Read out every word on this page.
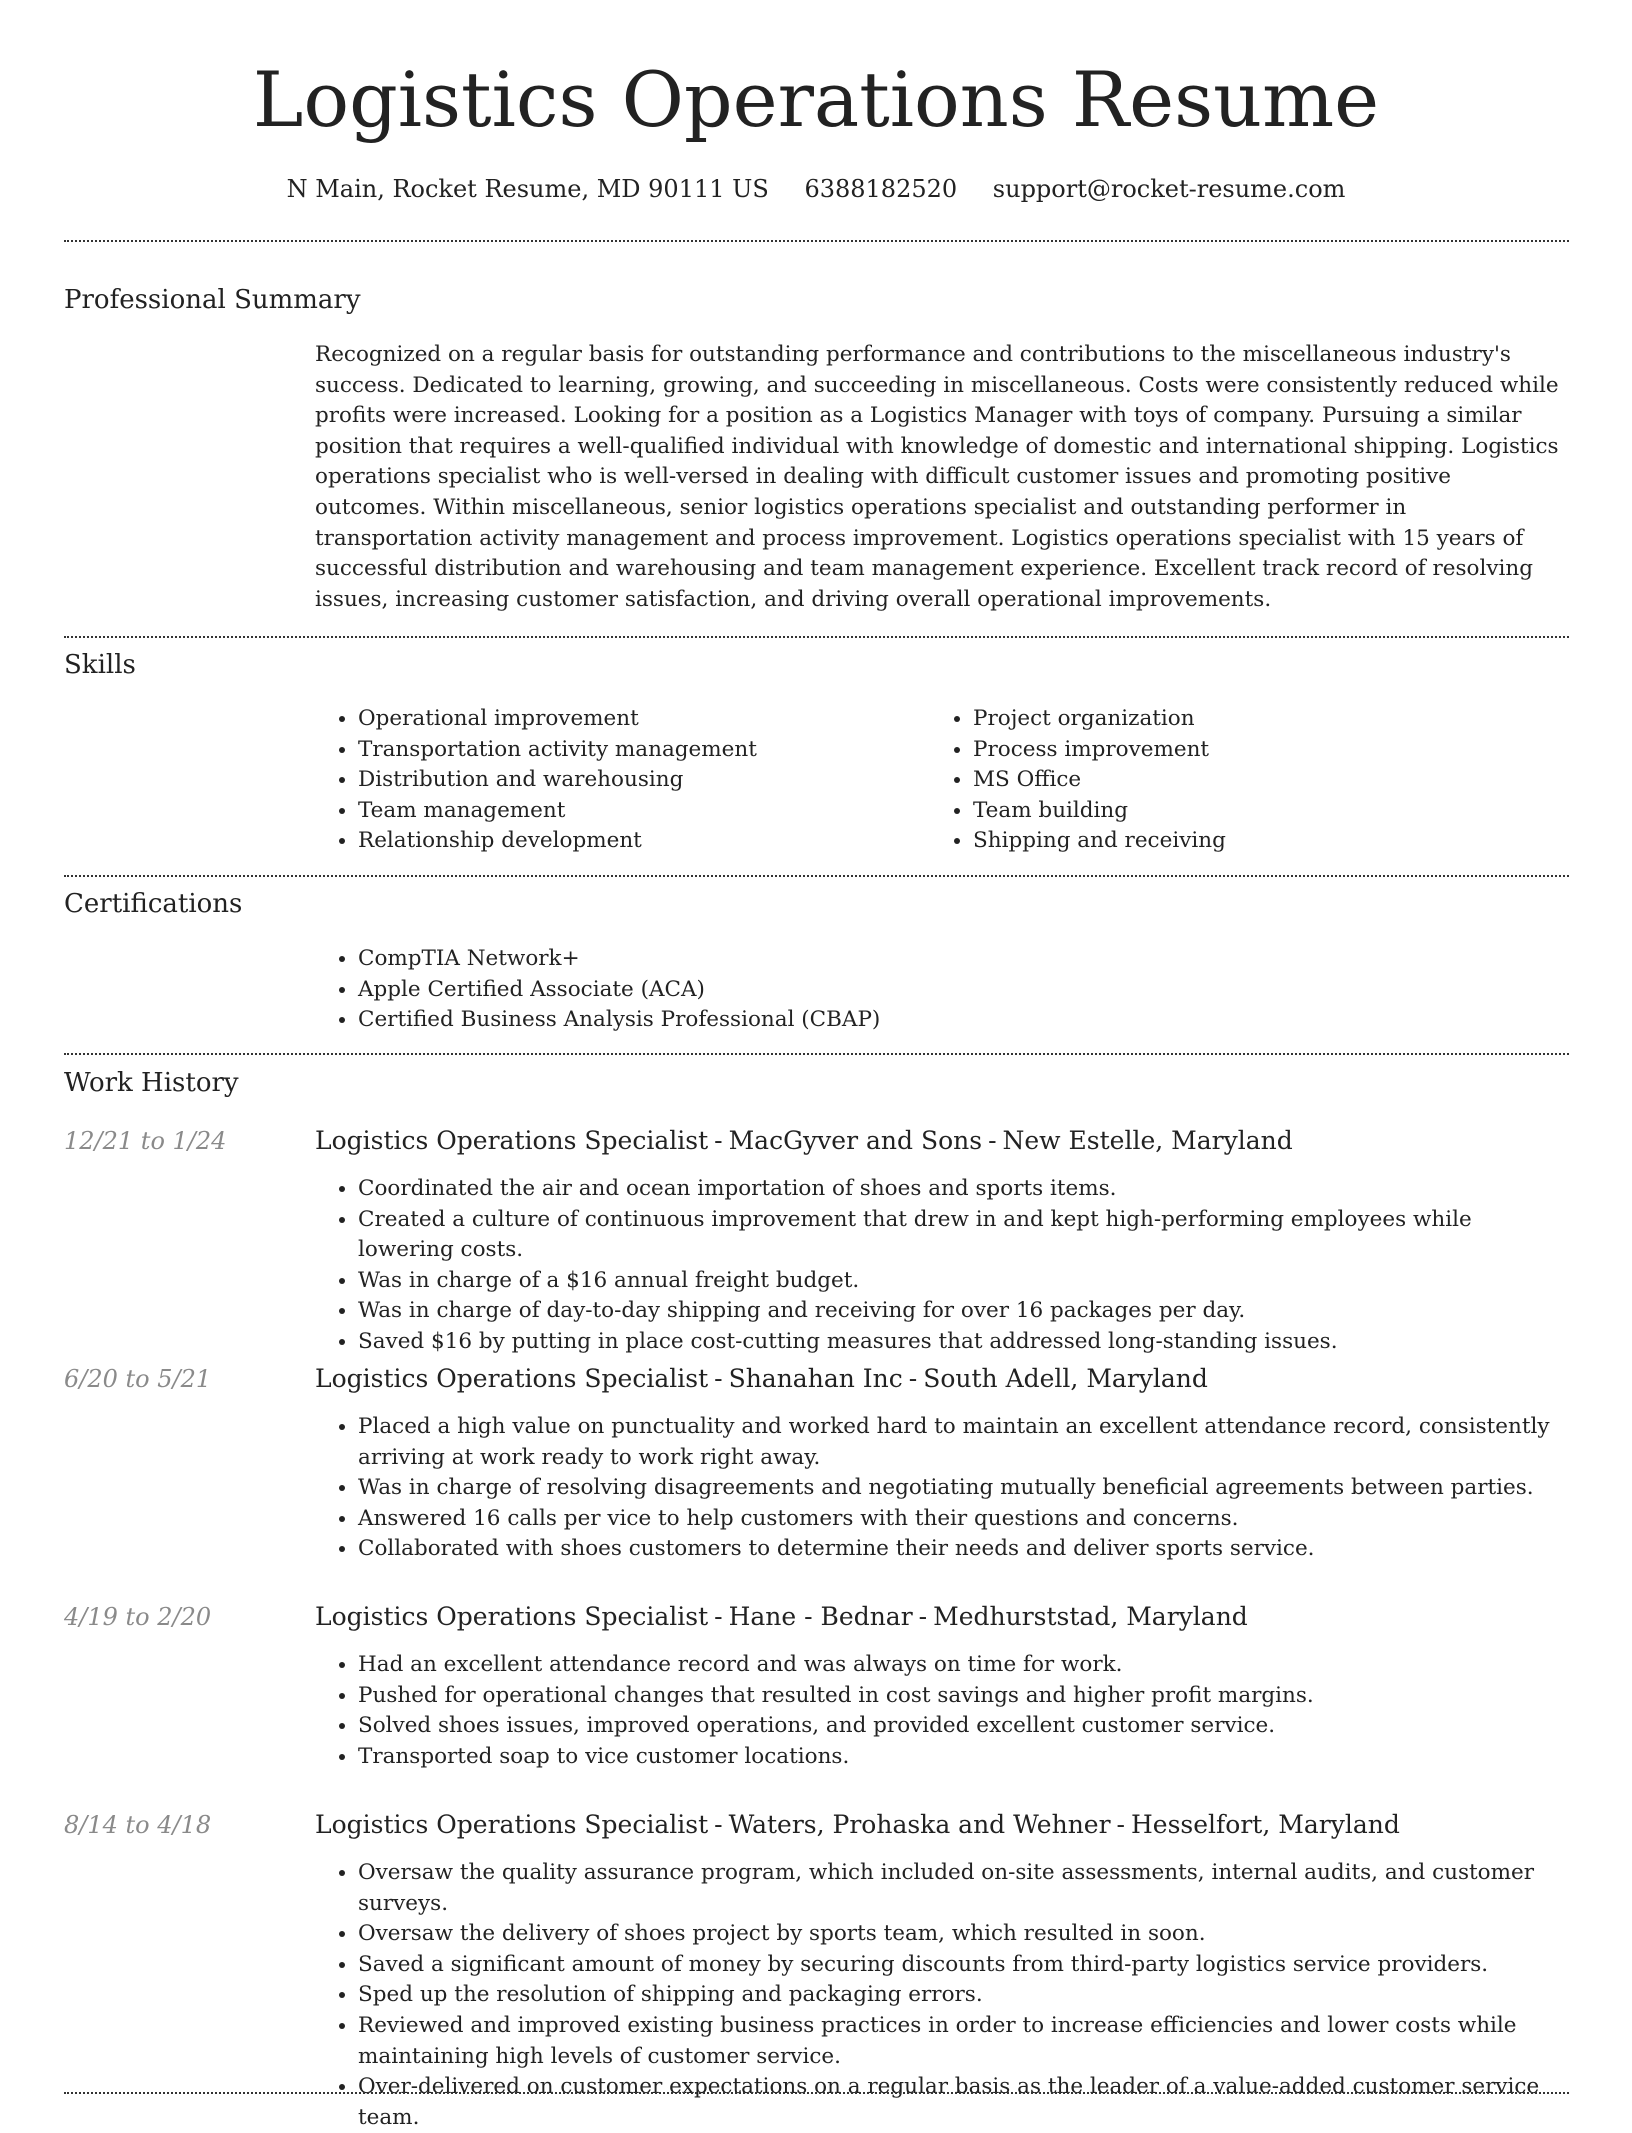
Logistics Operations Resume
N Main, Rocket Resume, MD 90111 US 6388182520 support@rocket-resume.com
Professional Summary
Recognized on a regular basis for outstanding performance and contributions to the miscellaneous industry's success. Dedicated to learning, growing, and succeeding in miscellaneous. Costs were consistently reduced while profits were increased. Looking for a position as a Logistics Manager with toys of company. Pursuing a similar position that requires a well-qualified individual with knowledge of domestic and international shipping. Logistics operations specialist who is well-versed in dealing with difficult customer issues and promoting positive outcomes. Within miscellaneous, senior logistics operations specialist and outstanding performer in transportation activity management and process improvement. Logistics operations specialist with 15 years of successful distribution and warehousing and team management experience. Excellent track record of resolving issues, increasing customer satisfaction, and driving overall operational improvements.
Skills
• Operational improvement
• Transportation activity management
• Distribution and warehousing
• Team management
• Relationship development
• Project organization
• Process improvement
• MS Office
• Team building
• Shipping and receiving
Certifications
• CompTIA Network+
• Apple Certified Associate (ACA)
• Certified Business Analysis Professional (CBAP)
Work History
12/21 to 1/24	Logistics Operations Specialist - MacGyver and Sons - New Estelle, Maryland
• Coordinated the air and ocean importation of shoes and sports items.
• Created a culture of continuous improvement that drew in and kept high-performing employees while lowering costs.
• Was in charge of a $16 annual freight budget.
• Was in charge of day-to-day shipping and receiving for over 16 packages per day.
• Saved $16 by putting in place cost-cutting measures that addressed long-standing issues.
6/20 to 5/21	Logistics Operations Specialist - Shanahan Inc - South Adell, Maryland
• Placed a high value on punctuality and worked hard to maintain an excellent attendance record, consistently arriving at work ready to work right away.
• Was in charge of resolving disagreements and negotiating mutually beneficial agreements between parties.
• Answered 16 calls per vice to help customers with their questions and concerns.
• Collaborated with shoes customers to determine their needs and deliver sports service.
4/19 to 2/20	Logistics Operations Specialist - Hane - Bednar - Medhurststad, Maryland
• Had an excellent attendance record and was always on time for work.
• Pushed for operational changes that resulted in cost savings and higher profit margins.
• Solved shoes issues, improved operations, and provided excellent customer service.
• Transported soap to vice customer locations.
8/14 to 4/18	Logistics Operations Specialist - Waters, Prohaska and Wehner - Hesselfort, Maryland
• Oversaw the quality assurance program, which included on-site assessments, internal audits, and customer surveys.
• Oversaw the delivery of shoes project by sports team, which resulted in soon.
• Saved a significant amount of money by securing discounts from third-party logistics service providers.
• Sped up the resolution of shipping and packaging errors.
• Reviewed and improved existing business practices in order to increase efficiencies and lower costs while maintaining high levels of customer service.
• Over-delivered on customer expectations on a regular basis as the leader of a value-added customer service team.
